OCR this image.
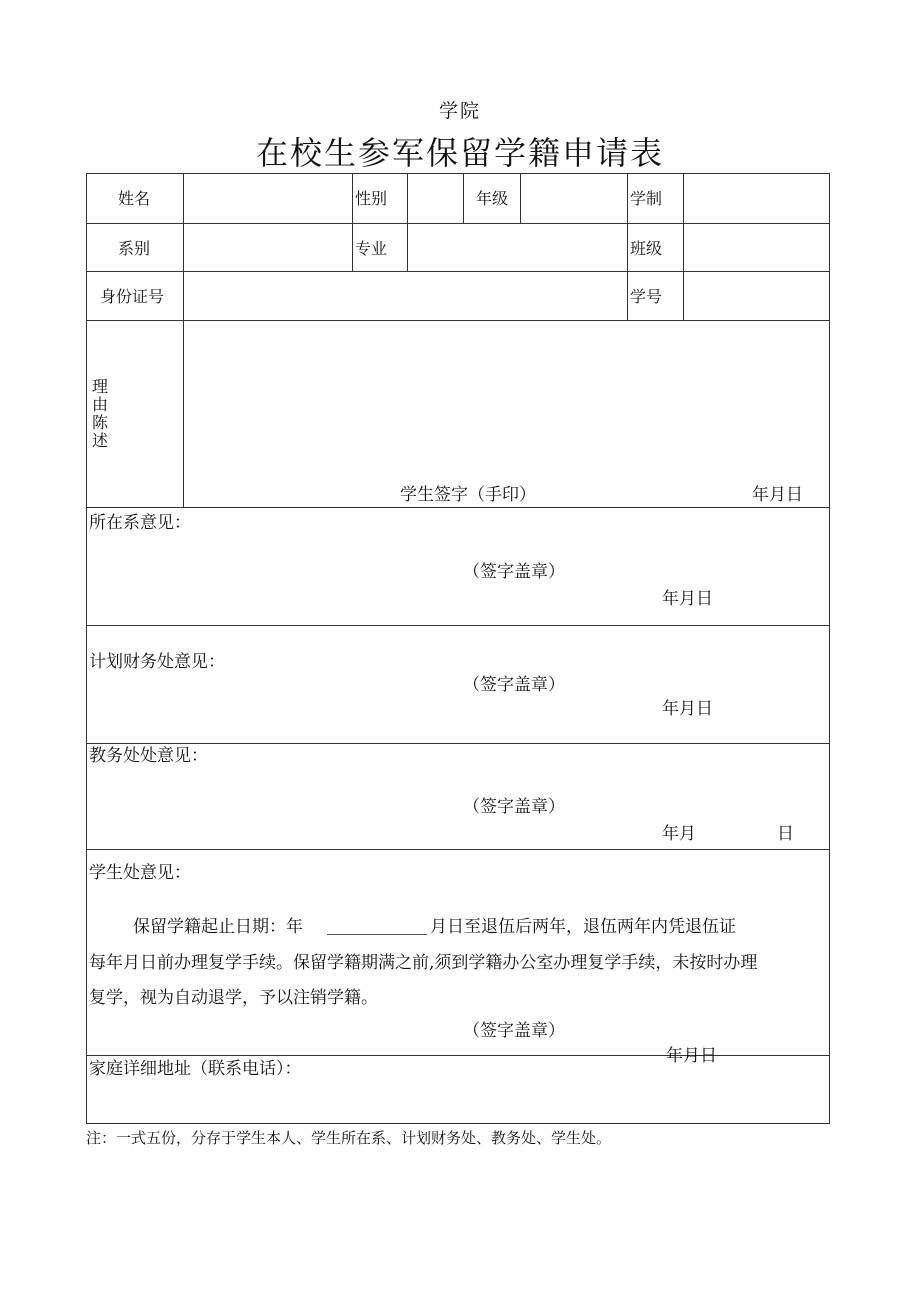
学院
在校生参军保留学籍申请表
姓名	性别	年级	学制
系别	专业	班级
身份证号	学号
理
由
陈
述
学生签字（手印）	年月日
所在系意见：
（签字盖章）
年月日
计划财务处意见：
（签字盖章）
年月日
教务处处意见：
（签字盖章）
年月	日
学生处意见：
保留学籍起止日期：年	月日至退伍后两年，退伍两年内凭退伍证
每年月日前办理复学手续。保留学籍期满之前,须到学籍办公室办理复学手续，未按时办理
复学，视为自动退学，予以注销学籍。
（签字盖章）
年月日
家庭详细地址（联系电话）：
注：一式五份，分存于学生本人、学生所在系、计划财务处、教务处、学生处。
